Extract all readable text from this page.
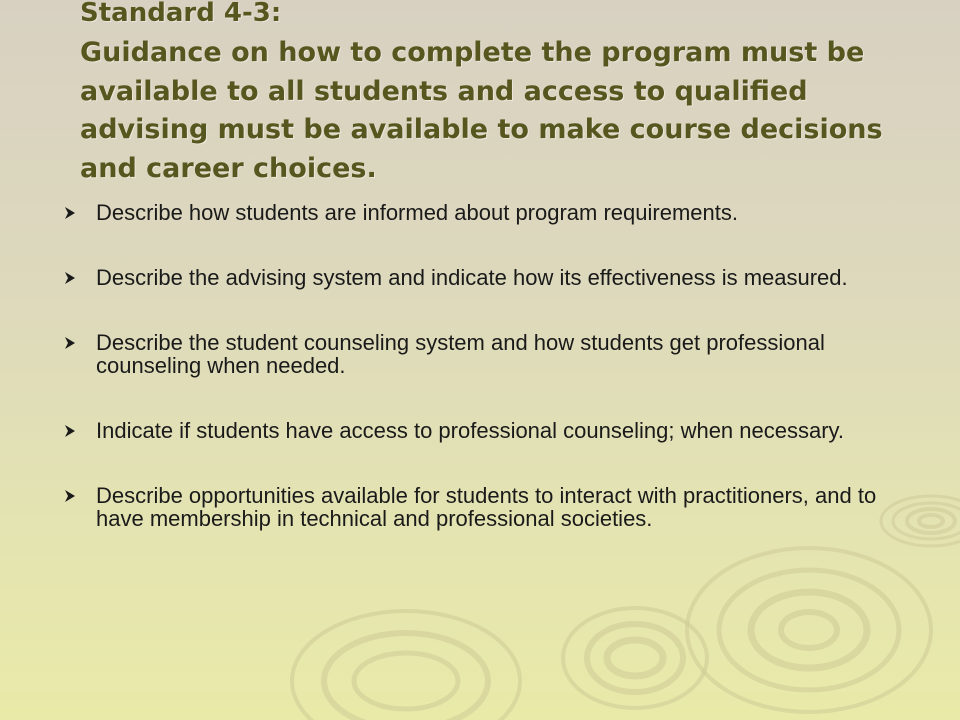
Standard 4-3:
Guidance on how to complete the program must be available to all students and access to qualified advising must be available to make course decisions and career choices.
Describe how students are informed about program requirements.
Describe the advising system and indicate how its effectiveness is measured.
Describe the student counseling system and how students get professional counseling when needed.
Indicate if students have access to professional counseling; when necessary.
Describe opportunities available for students to interact with practitioners, and to have membership in technical and professional societies.
